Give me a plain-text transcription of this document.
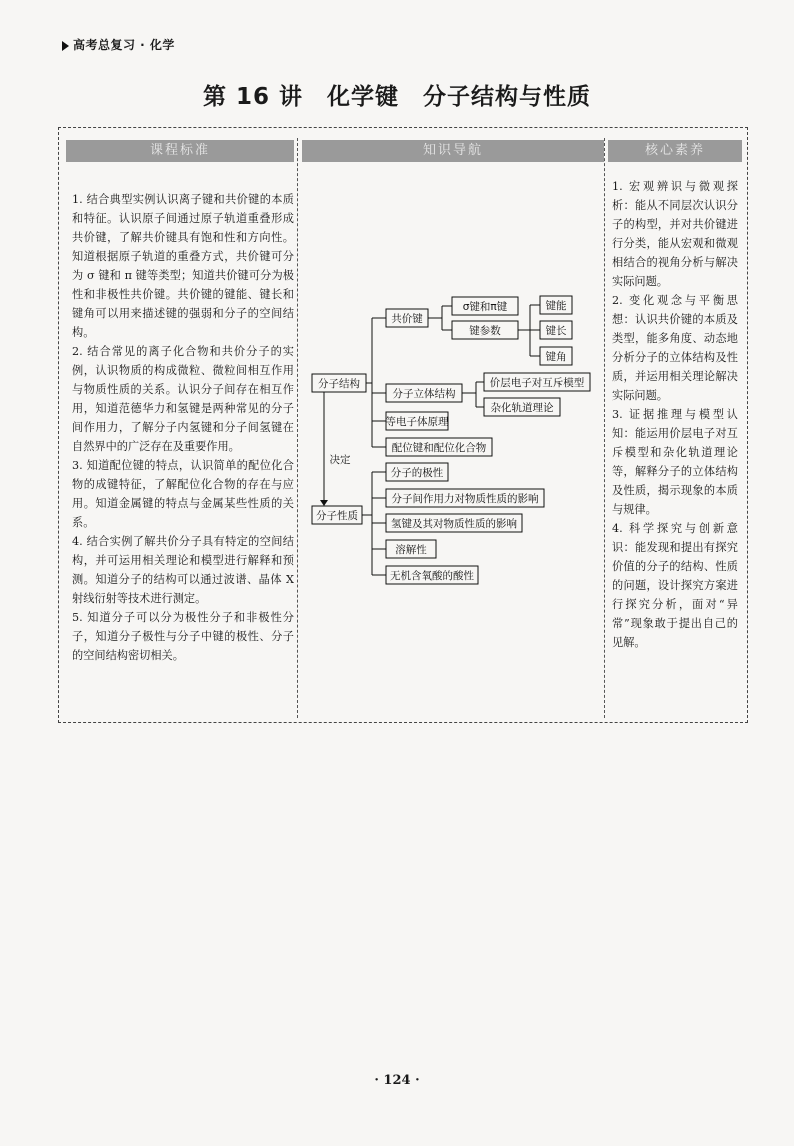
高考总复习 · 化学
第 16 讲　化学键　分子结构与性质
课程标准	知识导航	核心素养

1. 结合典型实例认识离子键和共价键的本质和特征。认识原子间通过原子轨道重叠形成共价键，了解共价键具有饱和性和方向性。知道根据原子轨道的重叠方式，共价键可分为 σ 键和 π 键等类型；知道共价键可分为极性和非极性共价键。共价键的键能、键长和键角可以用来描述键的强弱和分子的空间结构。

2. 结合常见的离子化合物和共价分子的实例，认识物质的构成微粒、微粒间相互作用与物质性质的关系。认识分子间存在相互作用，知道范德华力和氢键是两种常见的分子间作用力，了解分子内氢键和分子间氢键在自然界中的广泛存在及重要作用。

3. 知道配位键的特点，认识简单的配位化合物的成键特征，了解配位化合物的存在与应用。知道金属键的特点与金属某些性质的关系。

4. 结合实例了解共价分子具有特定的空间结构，并可运用相关理论和模型进行解释和预测。知道分子的结构可以通过波谱、晶体 X 射线衍射等技术进行测定。

5. 知道分子可以分为极性分子和非极性分子，知道分子极性与分子中键的极性、分子的空间结构密切相关。

1. 宏观辨识与微观探析：能从不同层次认识分子的构型，并对共价键进行分类，能从宏观和微观相结合的视角分析与解决实际问题。

2. 变化观念与平衡思想：认识共价键的本质及类型，能多角度、动态地分析分子的立体结构及性质，并运用相关理论解决实际问题。

3. 证据推理与模型认知：能运用价层电子对互斥模型和杂化轨道理论等，解释分子的立体结构及性质，揭示现象的本质与规律。

4. 科学探究与创新意识：能发现和提出有探究价值的分子的结构、性质的问题，设计探究方案进行探究分析，面对“异常”现象敢于提出自己的见解。

分子结构
分子性质
决定
共价键
σ键和π键
键参数
键能
键长
键角
分子立体结构
价层电子对互斥模型
杂化轨道理论
等电子体原理
配位键和配位化合物
分子的极性
分子间作用力对物质性质的影响
氢键及其对物质性质的影响
溶解性
无机含氧酸的酸性
· 124 ·
